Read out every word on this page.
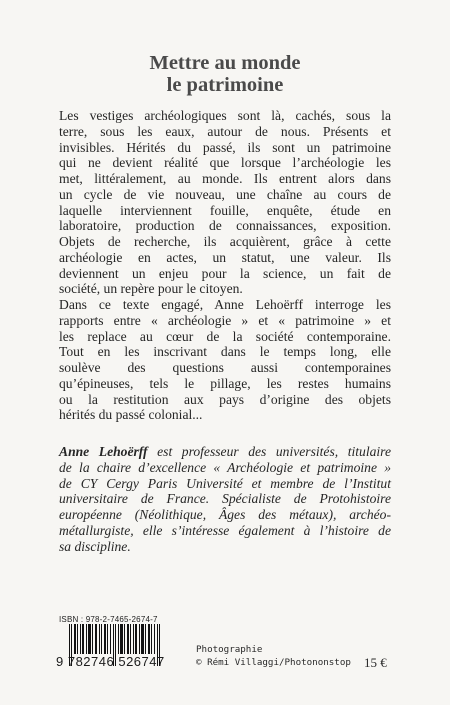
Mettre au monde
le patrimoine
Les vestiges archéologiques sont là, cachés, sous la
terre, sous les eaux, autour de nous. Présents et
invisibles. Hérités du passé, ils sont un patrimoine
qui ne devient réalité que lorsque l’archéologie les
met, littéralement, au monde. Ils entrent alors dans
un cycle de vie nouveau, une chaîne au cours de
laquelle interviennent fouille, enquête, étude en
laboratoire, production de connaissances, exposition.
Objets de recherche, ils acquièrent, grâce à cette
archéologie en actes, un statut, une valeur. Ils
deviennent un enjeu pour la science, un fait de
société, un repère pour le citoyen.
Dans ce texte engagé, Anne Lehoërff interroge les
rapports entre « archéologie » et « patrimoine » et
les replace au cœur de la société contemporaine.
Tout en les inscrivant dans le temps long, elle
soulève des questions aussi contemporaines
qu’épineuses, tels le pillage, les restes humains
ou la restitution aux pays d’origine des objets
hérités du passé colonial...
Anne Lehoërff est professeur des universités, titulaire
de la chaire d’excellence « Archéologie et patrimoine »
de CY Cergy Paris Université et membre de l’Institut
universitaire de France. Spécialiste de Protohistoire
européenne (Néolithique, Âges des métaux), archéo-
métallurgiste, elle s’intéresse également à l’histoire de
sa discipline.
ISBN : 978-2-7465-2674-7
9 782746 526747
Photographie
© Rémi Villaggi/Photononstop 15 €
